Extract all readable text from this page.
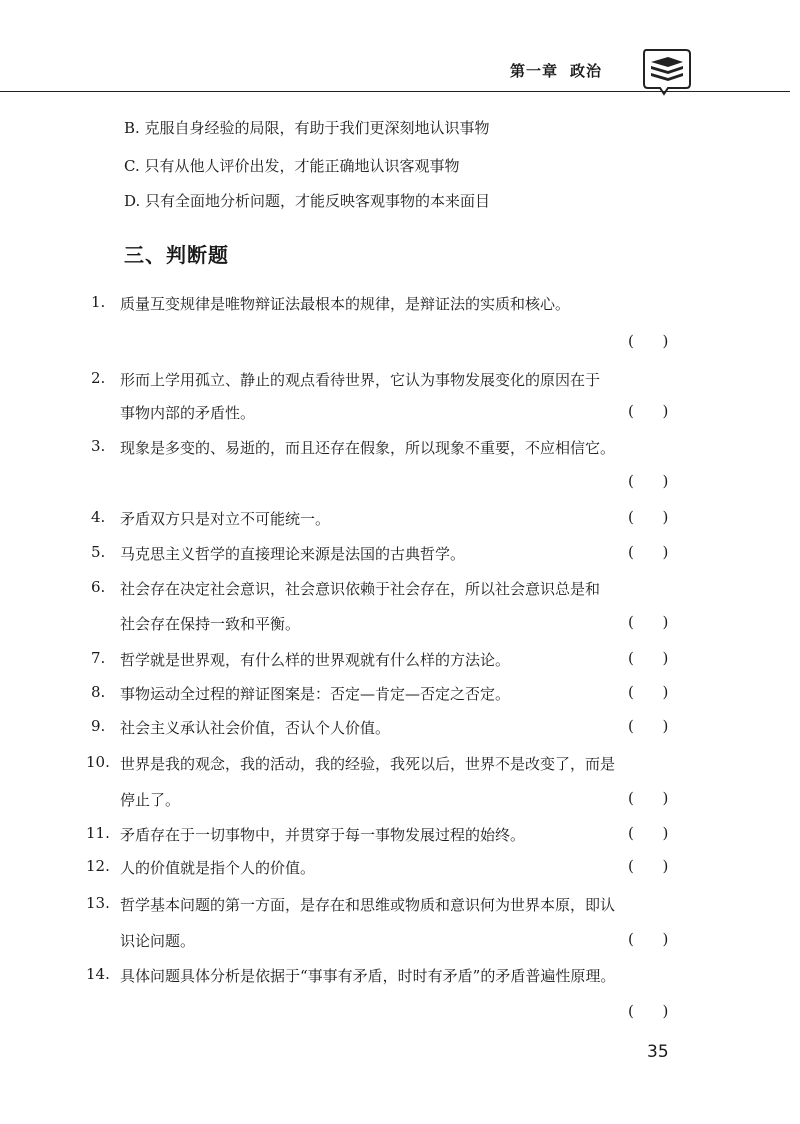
第一章 政治
B. 克服自身经验的局限，有助于我们更深刻地认识事物
C. 只有从他人评价出发，才能正确地认识客观事物
D. 只有全面地分析问题，才能反映客观事物的本来面目
三、判断题
1. 质量互变规律是唯物辩证法最根本的规律，是辩证法的实质和核心。
(      )
2. 形而上学用孤立、静止的观点看待世界，它认为事物发展变化的原因在于
事物内部的矛盾性。	(      )
3. 现象是多变的、易逝的，而且还存在假象，所以现象不重要，不应相信它。
(      )
4. 矛盾双方只是对立不可能统一。	(      )
5. 马克思主义哲学的直接理论来源是法国的古典哲学。	(      )
6. 社会存在决定社会意识，社会意识依赖于社会存在，所以社会意识总是和
社会存在保持一致和平衡。	(      )
7. 哲学就是世界观，有什么样的世界观就有什么样的方法论。	(      )
8. 事物运动全过程的辩证图案是：否定—肯定—否定之否定。	(      )
9. 社会主义承认社会价值，否认个人价值。	(      )
10. 世界是我的观念，我的活动，我的经验，我死以后，世界不是改变了，而是
停止了。	(      )
11. 矛盾存在于一切事物中，并贯穿于每一事物发展过程的始终。	(      )
12. 人的价值就是指个人的价值。	(      )
13. 哲学基本问题的第一方面，是存在和思维或物质和意识何为世界本原，即认
识论问题。	(      )
14. 具体问题具体分析是依据于“事事有矛盾，时时有矛盾”的矛盾普遍性原理。
(      )
35
